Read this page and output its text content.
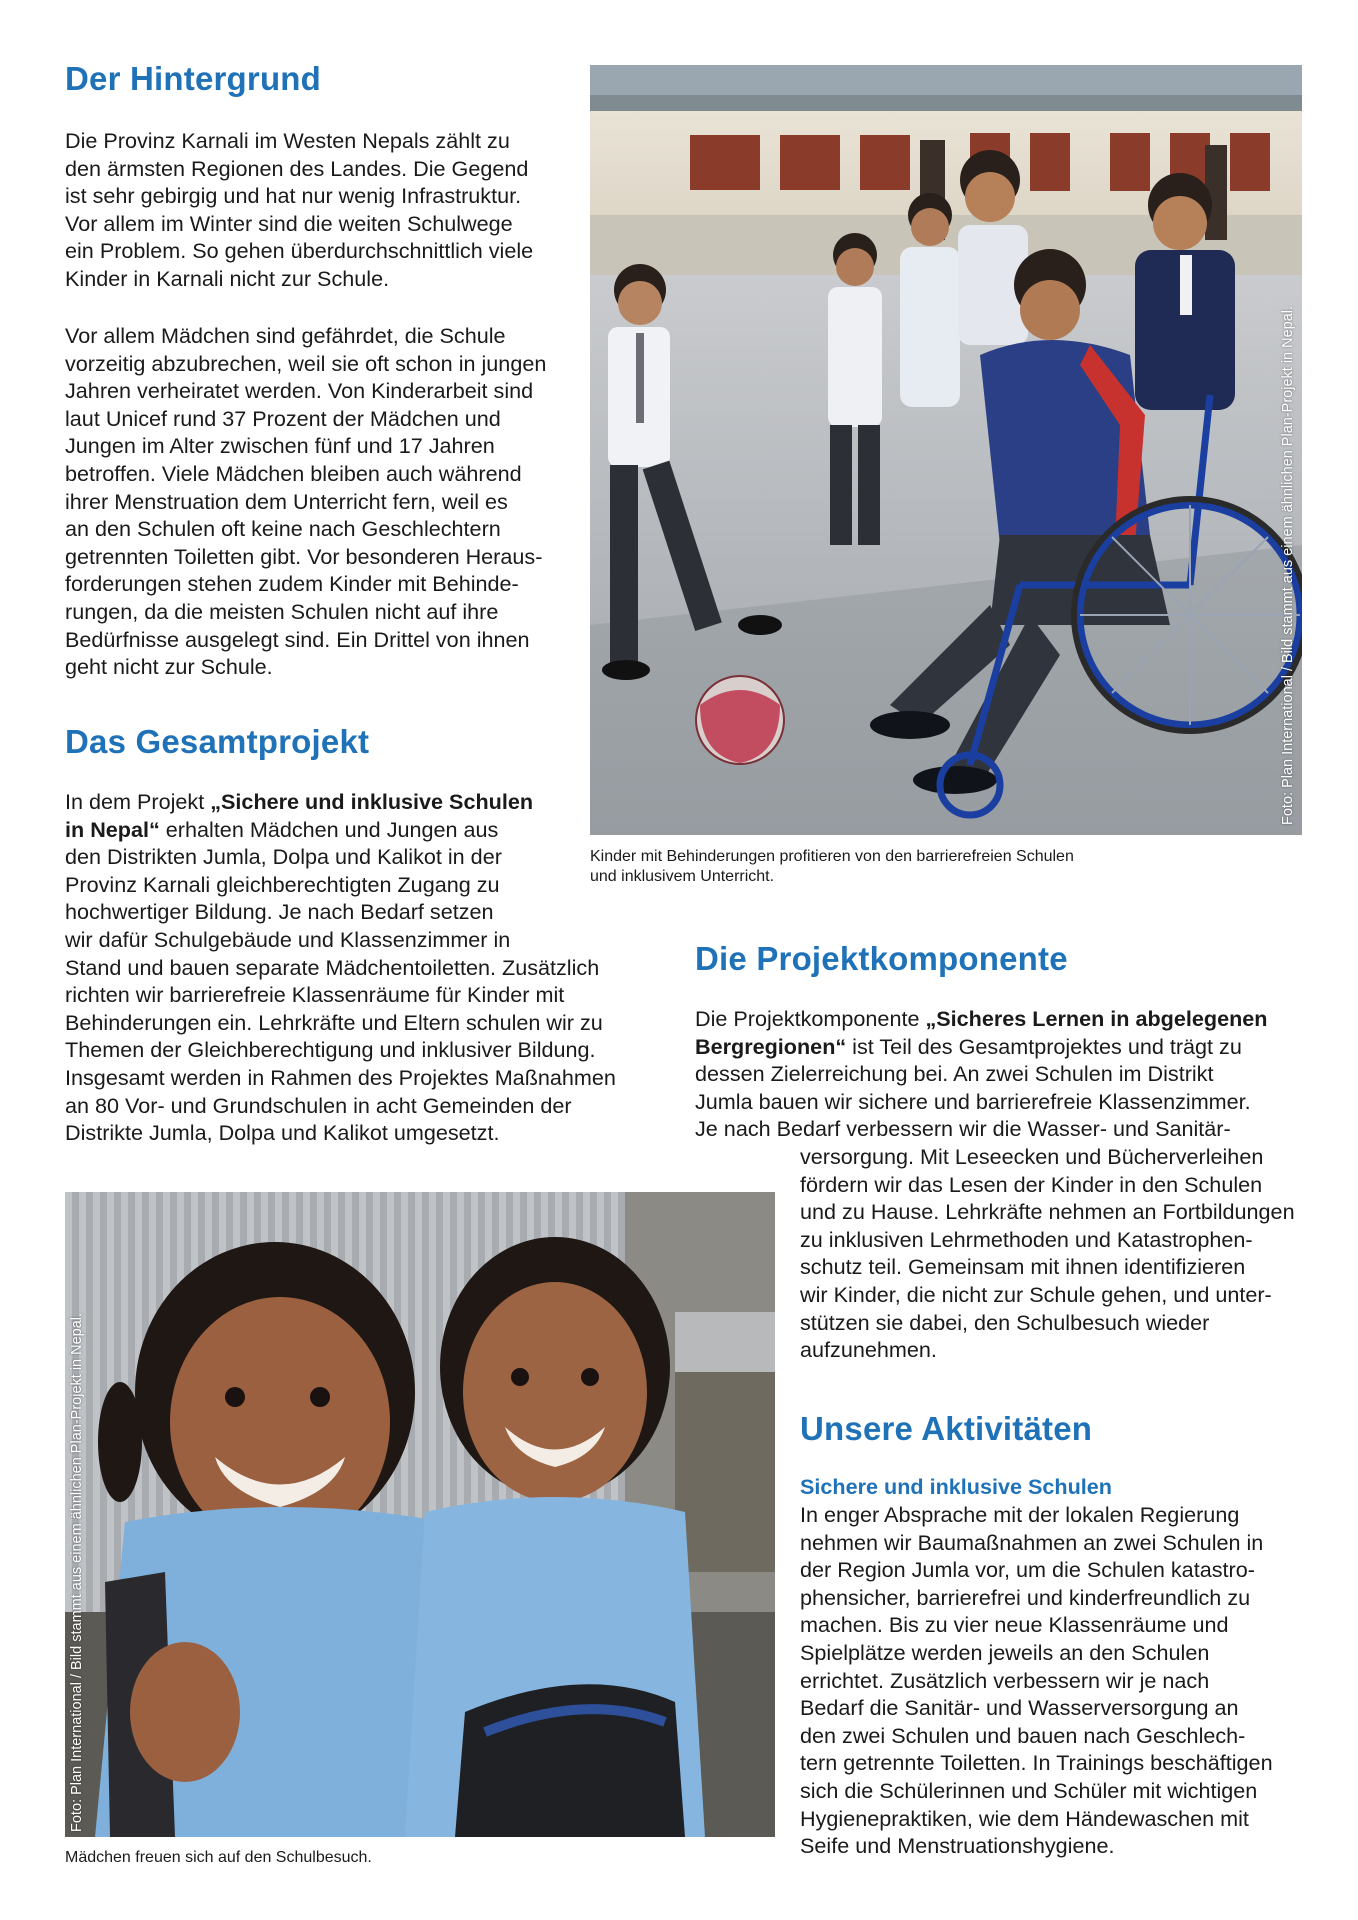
Der Hintergrund

Die Provinz Karnali im Westen Nepals zählt zu
den ärmsten Regionen des Landes. Die Gegend
ist sehr gebirgig und hat nur wenig Infrastruktur.
Vor allem im Winter sind die weiten Schulwege
ein Problem. So gehen überdurchschnittlich viele
Kinder in Karnali nicht zur Schule.

Vor allem Mädchen sind gefährdet, die Schule
vorzeitig abzubrechen, weil sie oft schon in jungen
Jahren verheiratet werden. Von Kinderarbeit sind
laut Unicef rund 37 Prozent der Mädchen und
Jungen im Alter zwischen fünf und 17 Jahren
betroffen. Viele Mädchen bleiben auch während
ihrer Menstruation dem Unterricht fern, weil es
an den Schulen oft keine nach Geschlechtern
getrennten Toiletten gibt. Vor besonderen Heraus-
forderungen stehen zudem Kinder mit Behinde-
rungen, da die meisten Schulen nicht auf ihre
Bedürfnisse ausgelegt sind. Ein Drittel von ihnen
geht nicht zur Schule.	Foto: Plan International / Bild stammt aus einem ähnlichen Plan-Projekt in Nepal.

Kinder mit Behinderungen profitieren von den barrierefreien Schulen
und inklusivem Unterricht.

Das Gesamtprojekt

In dem Projekt „Sichere und inklusive Schulen
in Nepal“ erhalten Mädchen und Jungen aus
den Distrikten Jumla, Dolpa und Kalikot in der
Provinz Karnali gleichberechtigten Zugang zu
hochwertiger Bildung. Je nach Bedarf setzen
wir dafür Schulgebäude und Klassenzimmer in
Stand und bauen separate Mädchentoiletten. Zusätzlich
richten wir barrierefreie Klassenräume für Kinder mit
Behinderungen ein. Lehrkräfte und Eltern schulen wir zu
Themen der Gleichberechtigung und inklusiver Bildung.
Insgesamt werden in Rahmen des Projektes Maßnahmen
an 80 Vor- und Grundschulen in acht Gemeinden der
Distrikte Jumla, Dolpa und Kalikot umgesetzt.

Die Projektkomponente

Die Projektkomponente „Sicheres Lernen in abgelegenen
Bergregionen“ ist Teil des Gesamtprojektes und trägt zu
dessen Zielerreichung bei. An zwei Schulen im Distrikt
Jumla bauen wir sichere und barrierefreie Klassenzimmer.
Je nach Bedarf verbessern wir die Wasser- und Sanitär-

versorgung. Mit Leseecken und Bücherverleihen
fördern wir das Lesen der Kinder in den Schulen
und zu Hause. Lehrkräfte nehmen an Fortbildungen
zu inklusiven Lehrmethoden und Katastrophen-
schutz teil. Gemeinsam mit ihnen identifizieren
wir Kinder, die nicht zur Schule gehen, und unter-
stützen sie dabei, den Schulbesuch wieder
aufzunehmen.

Foto: Plan International / Bild stammt aus einem ähnlichen Plan-Projekt in Nepal.

Mädchen freuen sich auf den Schulbesuch.

Unsere Aktivitäten

Sichere und inklusive Schulen

In enger Absprache mit der lokalen Regierung
nehmen wir Baumaßnahmen an zwei Schulen in
der Region Jumla vor, um die Schulen katastro-
phensicher, barrierefrei und kinderfreundlich zu
machen. Bis zu vier neue Klassenräume und
Spielplätze werden jeweils an den Schulen
errichtet. Zusätzlich verbessern wir je nach
Bedarf die Sanitär- und Wasserversorgung an
den zwei Schulen und bauen nach Geschlech-
tern getrennte Toiletten. In Trainings beschäftigen
sich die Schülerinnen und Schüler mit wichtigen
Hygienepraktiken, wie dem Händewaschen mit
Seife und Menstruationshygiene.
